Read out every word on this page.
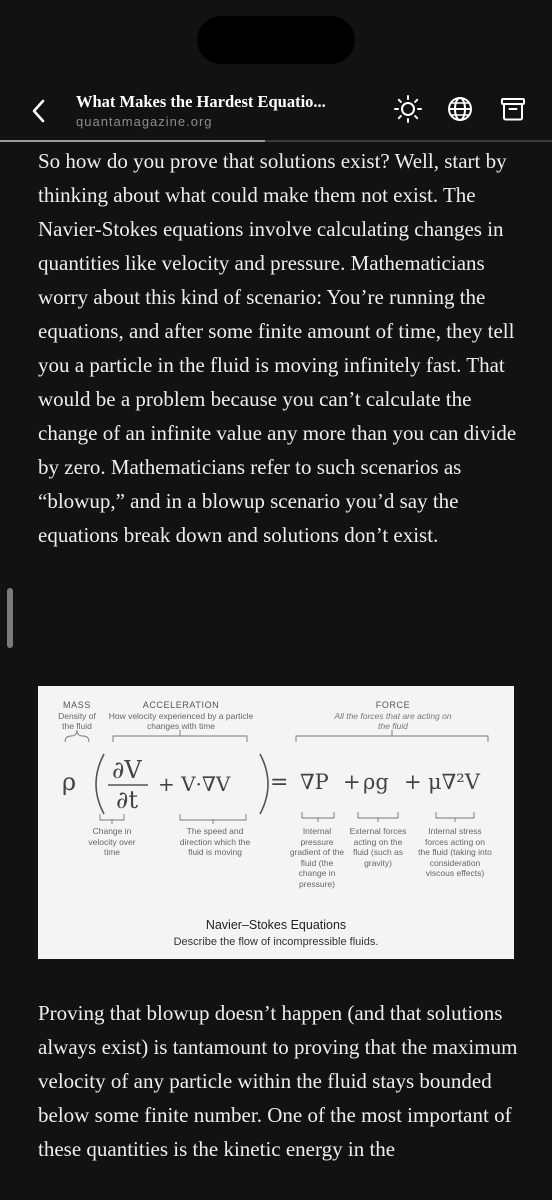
What Makes the Hardest Equatio...
quantamagazine.org

So how do you prove that solutions exist? Well, start by thinking about what could make them not exist. The Navier-Stokes equations involve calculating changes in quantities like velocity and pressure. Mathematicians worry about this kind of scenario: You’re running the equations, and after some finite amount of time, they tell you a particle in the fluid is moving infinitely fast. That would be a problem because you can’t calculate the change of an infinite value any more than you can divide by zero. Mathematicians refer to such scenarios as “blowup,” and in a blowup scenario you’d say the equations break down and solutions don’t exist.

MASS
Density of the fluid
ACCELERATION
How velocity experienced by a particle changes with time
FORCE
All the forces that are acting on the fluid
ρ ∂V
∂t
+ V·∇V = ∇P + ρg + μ∇²V
Change in velocity over time
The speed and direction which the fluid is moving
Internal pressure gradient of the fluid (the change in pressure)
External forces acting on the fluid (such as gravity)
Internal stress forces acting on the fluid (taking into consideration viscous effects)
Navier–Stokes Equations
Describe the flow of incompressible fluids.

Proving that blowup doesn’t happen (and that solutions always exist) is tantamount to proving that the maximum velocity of any particle within the fluid stays bounded below some finite number. One of the most important of these quantities is the kinetic energy in the
